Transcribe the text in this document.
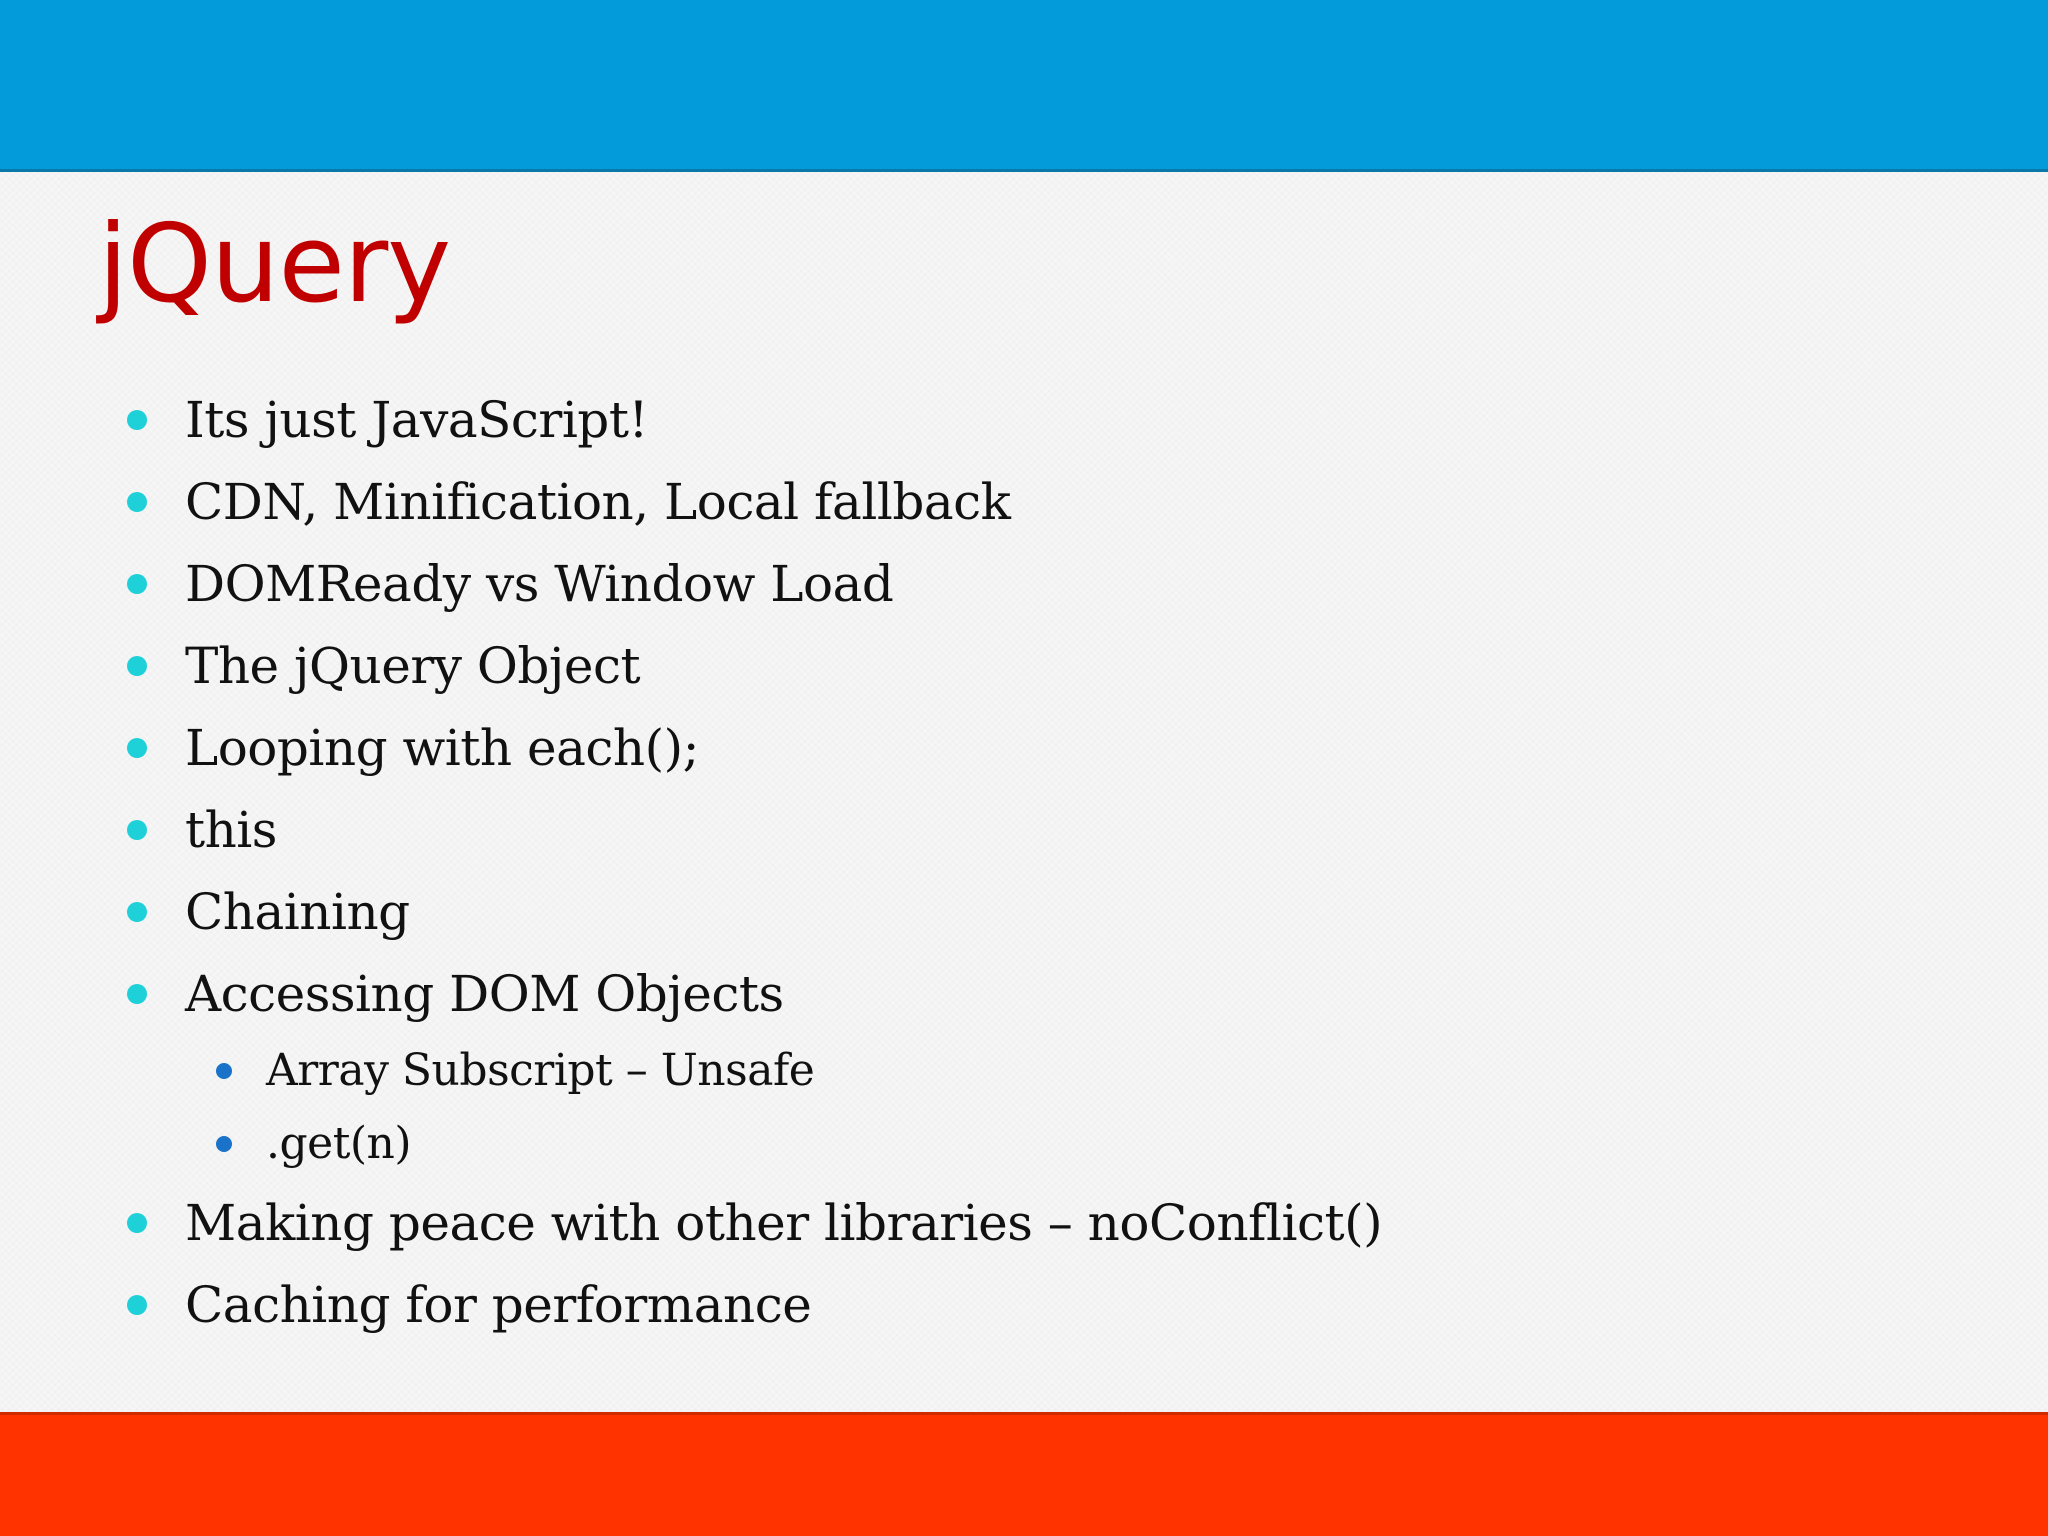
jQuery
Its just JavaScript!
CDN, Minification, Local fallback
DOMReady vs Window Load
The jQuery Object
Looping with each();
this
Chaining
Accessing DOM Objects
Array Subscript – Unsafe
.get(n)
Making peace with other libraries – noConflict()
Caching for performance
